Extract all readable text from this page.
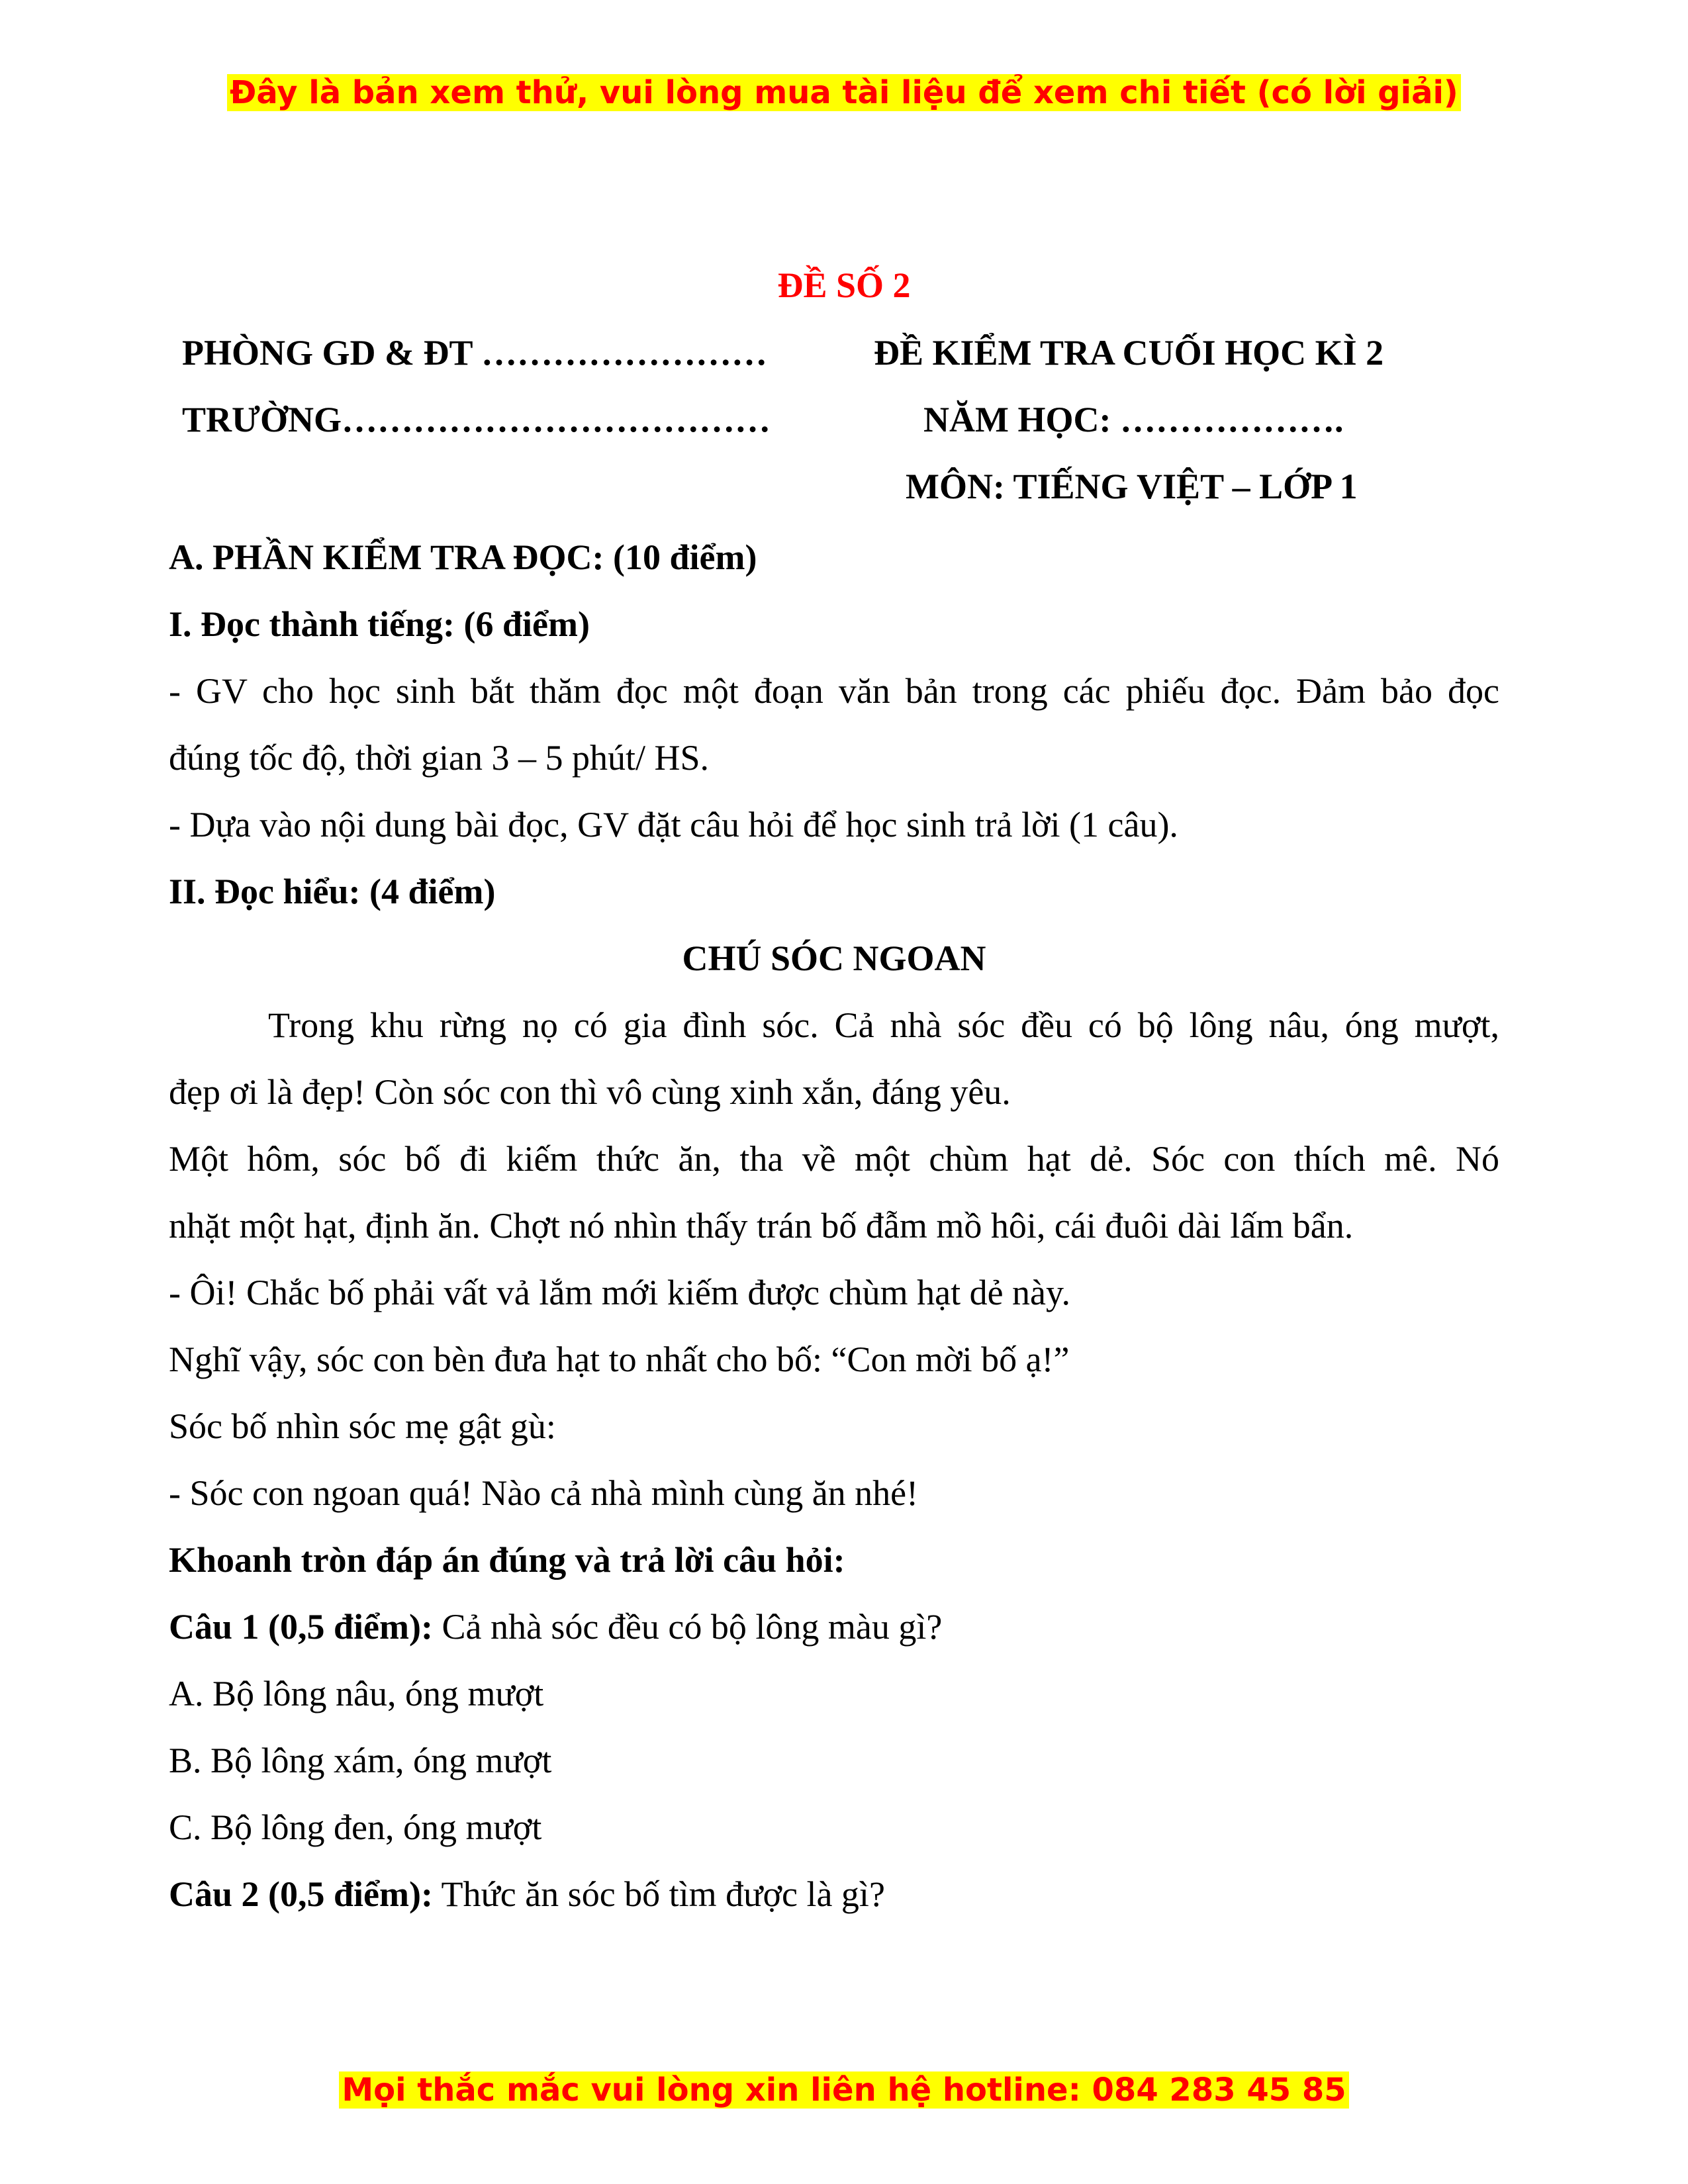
Đây là bản xem thử, vui lòng mua tài liệu để xem chi tiết (có lời giải)
ĐỀ SỐ 2
PHÒNG GD & ĐT ……………………	ĐỀ KIỂM TRA CUỐI HỌC KÌ 2
TRƯỜNG………………………………	NĂM HỌC: ……………….
MÔN: TIẾNG VIỆT – LỚP 1
A. PHẦN KIỂM TRA ĐỌC: (10 điểm)
I. Đọc thành tiếng: (6 điểm)
- GV cho học sinh bắt thăm đọc một đoạn văn bản trong các phiếu đọc. Đảm bảo đọc
đúng tốc độ, thời gian 3 – 5 phút/ HS.
- Dựa vào nội dung bài đọc, GV đặt câu hỏi để học sinh trả lời (1 câu).
II. Đọc hiểu: (4 điểm)
CHÚ SÓC NGOAN
Trong khu rừng nọ có gia đình sóc. Cả nhà sóc đều có bộ lông nâu, óng mượt,
đẹp ơi là đẹp! Còn sóc con thì vô cùng xinh xắn, đáng yêu.
Một hôm, sóc bố đi kiếm thức ăn, tha về một chùm hạt dẻ. Sóc con thích mê. Nó
nhặt một hạt, định ăn. Chợt nó nhìn thấy trán bố đẫm mồ hôi, cái đuôi dài lấm bẩn.
- Ôi! Chắc bố phải vất vả lắm mới kiếm được chùm hạt dẻ này.
Nghĩ vậy, sóc con bèn đưa hạt to nhất cho bố: “Con mời bố ạ!”
Sóc bố nhìn sóc mẹ gật gù:
- Sóc con ngoan quá! Nào cả nhà mình cùng ăn nhé!
Khoanh tròn đáp án đúng và trả lời câu hỏi:
Câu 1 (0,5 điểm): Cả nhà sóc đều có bộ lông màu gì?
A. Bộ lông nâu, óng mượt
B. Bộ lông xám, óng mượt
C. Bộ lông đen, óng mượt
Câu 2 (0,5 điểm): Thức ăn sóc bố tìm được là gì?
Mọi thắc mắc vui lòng xin liên hệ hotline: 084 283 45 85
